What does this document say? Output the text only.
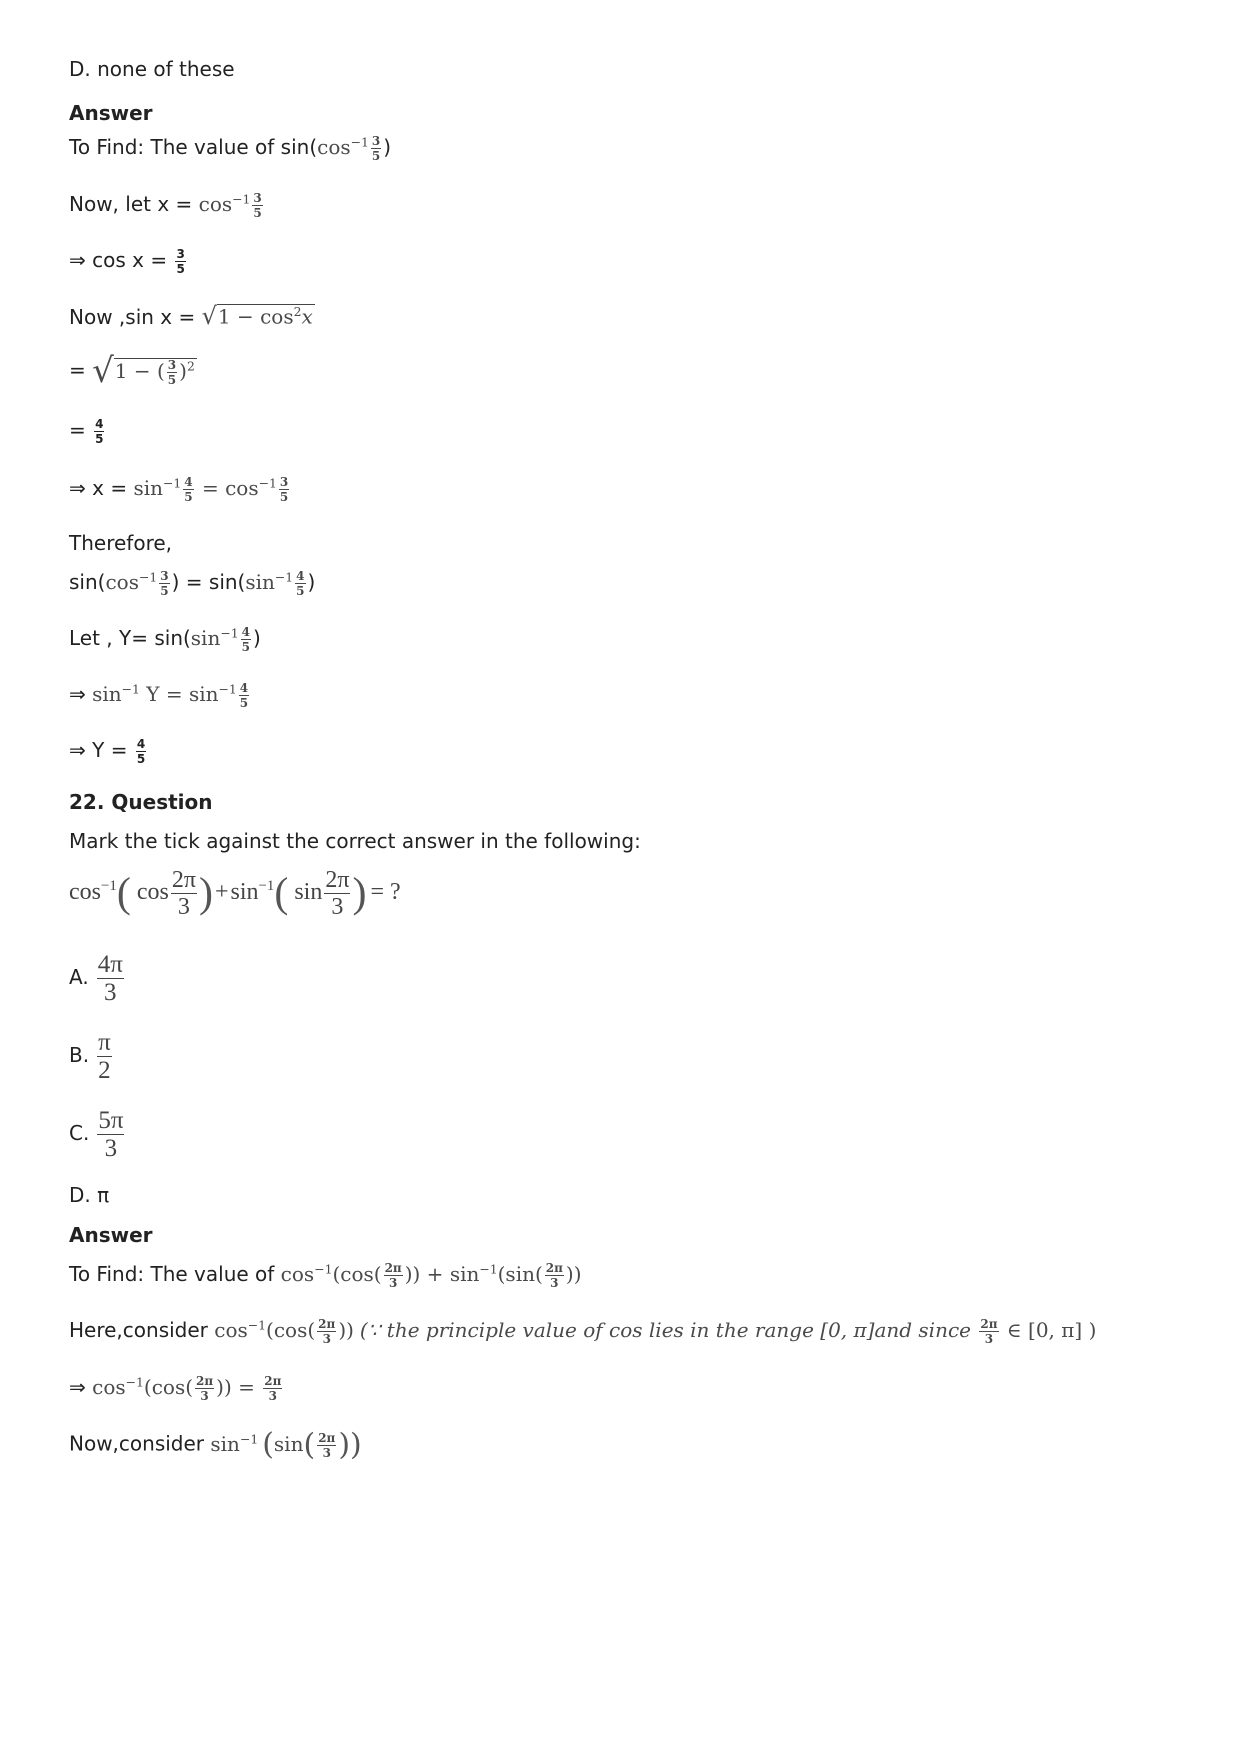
D. none of these
Answer
To Find: The value of $\sin(\cos^{-1} \frac{3}{5}$ )
Now, let $x = \cos^{-1} \frac{3}{5}$
⇒ $\cos x = \frac{3}{5}$
Now ,sin $x = √1 - \cos^2x$
= √1 − ( $\frac{3}{5} )^2$
= $\frac{4}{5}$
⇒ $x = \sin^{-1} \frac{4}{5} = \cos^{-1} \frac{3}{5}$
Therefore,
$\sin(\cos^{-1} \frac{3}{5}$ ) = $\sin(\sin^{-1} \frac{4}{5}$ )
Let , $Y= \sin(\sin^{-1} \frac{4}{5}$ )
⇒ $\sin^{-1} Y = \sin^{-1} \frac{4}{5}$
⇒ $Y = \frac{4}{5}$
22. Question
Mark the tick against the correct answer in the following:
$\cos^{-1}$( $\cos \frac{2\pi}{3} )+\sin^{-1}$( $\sin \frac{2\pi}{3}$ ) = ?
A. $\frac{4\pi}{3}$
B. $\frac{\pi}{2}$
C. $\frac{5\pi}{3}$
D. π
Answer
To Find: The value of $\cos^{-1}(\cos( \frac{2\pi}{3}$ )) + $\sin^{-1}(\sin( \frac{2\pi}{3}$ ))
Here,consider $\cos^{-1}(\cos( \frac{2\pi}{3}$ )) (∵ the principle value of cos lies in the range [0, π]and since $\frac{2\pi}{3}$ ∈ [0, π] )
⇒ $\cos^{-1}(\cos( \frac{2\pi}{3}$ )) = $\frac{2\pi}{3}$
Now,consider $\sin^{-1} (\sin( \frac{2\pi}{3}$ ))
